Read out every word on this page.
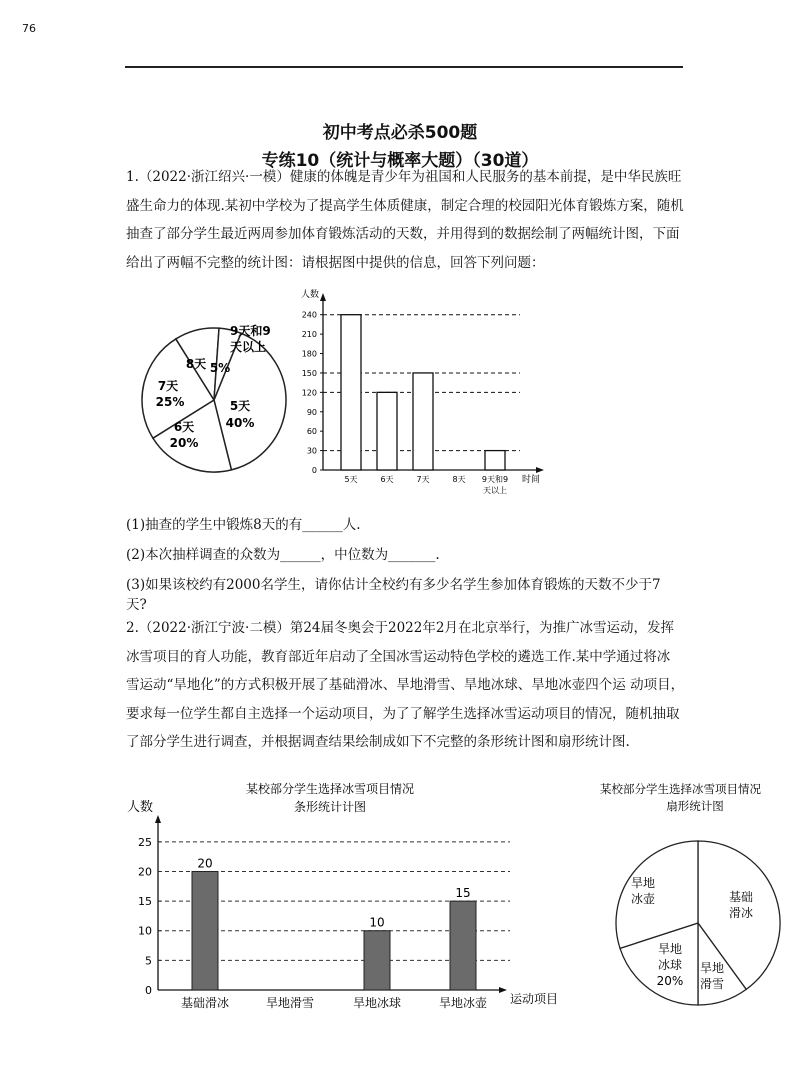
76
初中考点必杀500题
专练10（统计与概率大题）（30道）
1.（2022·浙江绍兴·一模）健康的体魄是青少年为祖国和人民服务的基本前提，是中华民族旺盛生命力的体现.某初中学校为了提高学生体质健康，制定合理的校园阳光体育锻炼方案，随机抽查了部分学生最近两周参加体育锻炼活动的天数，并用得到的数据绘制了两幅统计图，下面给出了两幅不完整的统计图：请根据图中提供的信息，回答下列问题：
5天
40%
6天
20%
7天
25%
8天 5%
人数
时间
0
30
60
90
120
150
180
210
240
5天	6天	7天	8天 9天和9
天以上
(1)抽查的学生中锻炼8天的有______人.
(2)本次抽样调查的众数为______，中位数为_______.
(3)如果该校约有2000名学生，请你估计全校约有多少名学生参加体育锻炼的天数不少于7
天?
2.（2022·浙江宁波·二模）第24届冬奥会于2022年2月在北京举行，为推广冰雪运动，发挥冰雪项目的育人功能，教育部近年启动了全国冰雪运动特色学校的遴选工作.某中学通过将冰 雪运动“旱地化”的方式积极开展了基础滑冰、旱地滑雪、旱地冰球、旱地冰壶四个运 动项目，要求每一位学生都自主选择一个运动项目，为了了解学生选择冰雪运动项目的情况，随机抽取了部分学生进行调查，并根据调查结果绘制成如下不完整的条形统计图和扇形统计图.
某校部分学生选择冰雪项目情况
条形统计计图
人数
运动项目
0
5
10
15
20
25
20
基础滑冰	旱地滑雪
10
旱地冰球
15
旱地冰壶
某校部分学生选择冰雪项目情况
扇形统计图
基础
滑冰
旱地
滑雪
旱地
冰球
20%
旱地
冰壶
9天和9
天以上
